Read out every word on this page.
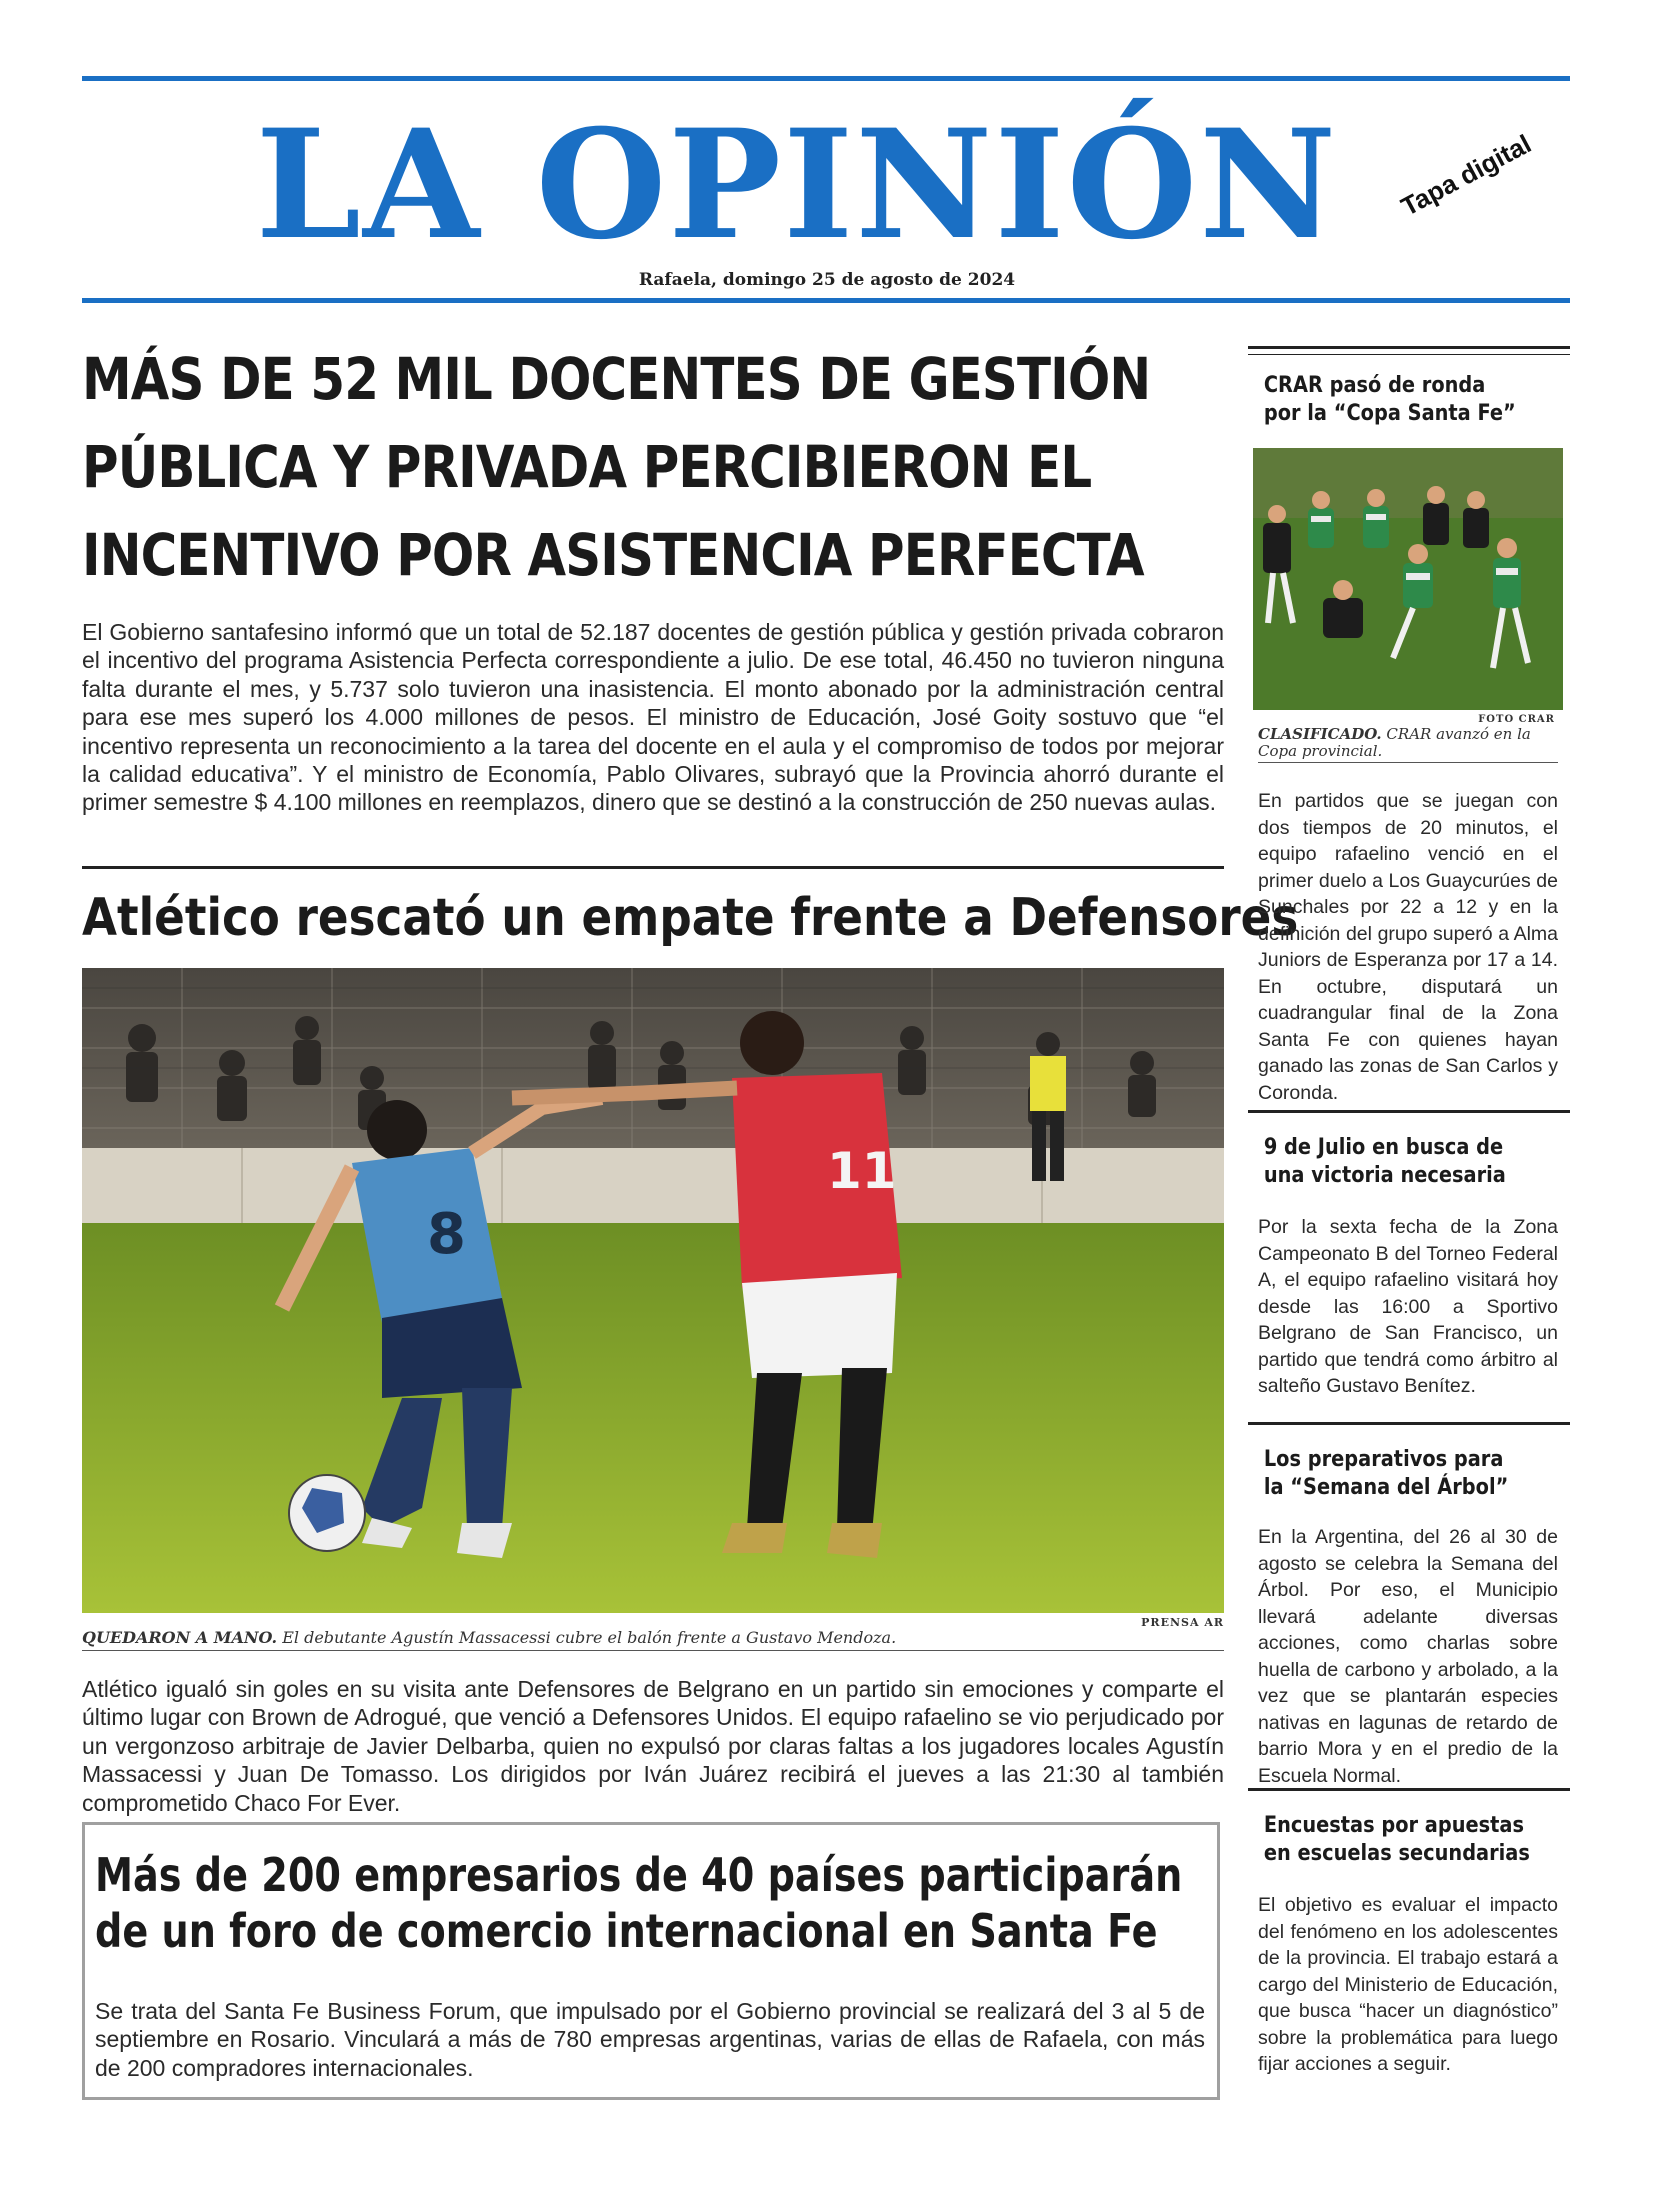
LA OPINIÓN	Tapa digital
Rafaela, domingo 25 de agosto de 2024
MÁS DE 52 MIL DOCENTES DE GESTIÓN
PÚBLICA Y PRIVADA PERCIBIERON EL
INCENTIVO POR ASISTENCIA PERFECTA
El Gobierno santafesino informó que un total de 52.187 docentes de gestión pública y gestión privada cobraron el incentivo del programa Asistencia Perfecta correspondiente a julio. De ese total, 46.450 no tuvieron ninguna falta durante el mes, y 5.737 solo tuvieron una inasistencia. El monto abonado por la administración central para ese mes superó los 4.000 millones de pesos. El ministro de Educación, José Goity sostuvo que “el incentivo representa un reconocimiento a la tarea del docente en el aula y el compromiso de todos por mejorar la calidad educativa”. Y el ministro de Economía, Pablo Olivares, subrayó que la Provincia ahorró durante el primer semestre $ 4.100 millones en reemplazos, dinero que se destinó a la construcción de 250 nuevas aulas.
Atlético rescató un empate frente a Defensores
8
11
PRENSA AR
QUEDARON A MANO. El debutante Agustín Massacessi cubre el balón frente a Gustavo Mendoza.
Atlético igualó sin goles en su visita ante Defensores de Belgrano en un partido sin emociones y comparte el último lugar con Brown de Adrogué, que venció a Defensores Unidos. El equipo rafaelino se vio perjudicado por un vergonzoso arbitraje de Javier Delbarba, quien no expulsó por claras faltas a los jugadores locales Agustín Massacessi y Juan De Tomasso. Los dirigidos por Iván Juárez recibirá el jueves a las 21:30 al también comprometido Chaco For Ever.
Más de 200 empresarios de 40 países participarán
de un foro de comercio internacional en Santa Fe
Se trata del Santa Fe Business Forum, que impulsado por el Gobierno provincial se realizará del 3 al 5 de septiembre en Rosario. Vinculará a más de 780 empresas argentinas, varias de ellas de Rafaela, con más de 200 compradores internacionales.
CRAR pasó de ronda
por la “Copa Santa Fe”
FOTO CRAR
CLASIFICADO. CRAR avanzó en la Copa provincial.
En partidos que se juegan con dos tiempos de 20 minutos, el equipo rafaelino venció en el primer duelo a Los Guaycurúes de Sunchales por 22 a 12 y en la definición del grupo superó a Alma Juniors de Esperanza por 17 a 14. En octubre, disputará un cuadrangular final de la Zona Santa Fe con quienes hayan ganado las zonas de San Carlos y Coronda.
9 de Julio en busca de
una victoria necesaria
Por la sexta fecha de la Zona Campeonato B del Torneo Federal A, el equipo rafaelino visitará hoy desde las 16:00 a Sportivo Belgrano de San Francisco, un partido que tendrá como árbitro al salteño Gustavo Benítez.
Los preparativos para
la “Semana del Árbol”
En la Argentina, del 26 al 30 de agosto se celebra la Semana del Árbol. Por eso, el Municipio llevará adelante diversas acciones, como charlas sobre huella de carbono y arbolado, a la vez que se plantarán especies nativas en lagunas de retardo de barrio Mora y en el predio de la Escuela Normal.
Encuestas por apuestas
en escuelas secundarias
El objetivo es evaluar el impacto del fenómeno en los adolescentes de la provincia. El trabajo estará a cargo del Ministerio de Educación, que busca “hacer un diagnóstico” sobre la problemática para luego fijar acciones a seguir.
